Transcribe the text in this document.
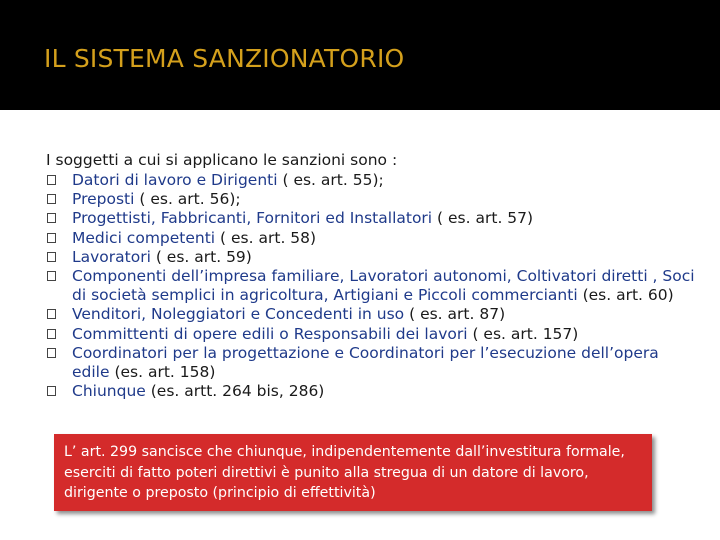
IL SISTEMA SANZIONATORIO
I soggetti a cui si applicano le sanzioni sono :
Datori di lavoro e Dirigenti ( es. art. 55);
Preposti ( es. art. 56);
Progettisti, Fabbricanti, Fornitori ed Installatori ( es. art. 57)
Medici competenti ( es. art. 58)
Lavoratori ( es. art. 59)
Componenti dell’impresa familiare, Lavoratori autonomi, Coltivatori diretti , Soci di società semplici in agricoltura, Artigiani e Piccoli commercianti (es. art. 60)
Venditori, Noleggiatori e Concedenti in uso ( es. art. 87)
Committenti di opere edili o Responsabili dei lavori ( es. art. 157)
Coordinatori per la progettazione e Coordinatori per l’esecuzione dell’opera edile (es. art. 158)
Chiunque (es. artt. 264 bis, 286)
L’ art. 299 sancisce che chiunque, indipendentemente dall’investitura formale, eserciti di fatto poteri direttivi è punito alla stregua di un datore di lavoro, dirigente o preposto (principio di effettività)
